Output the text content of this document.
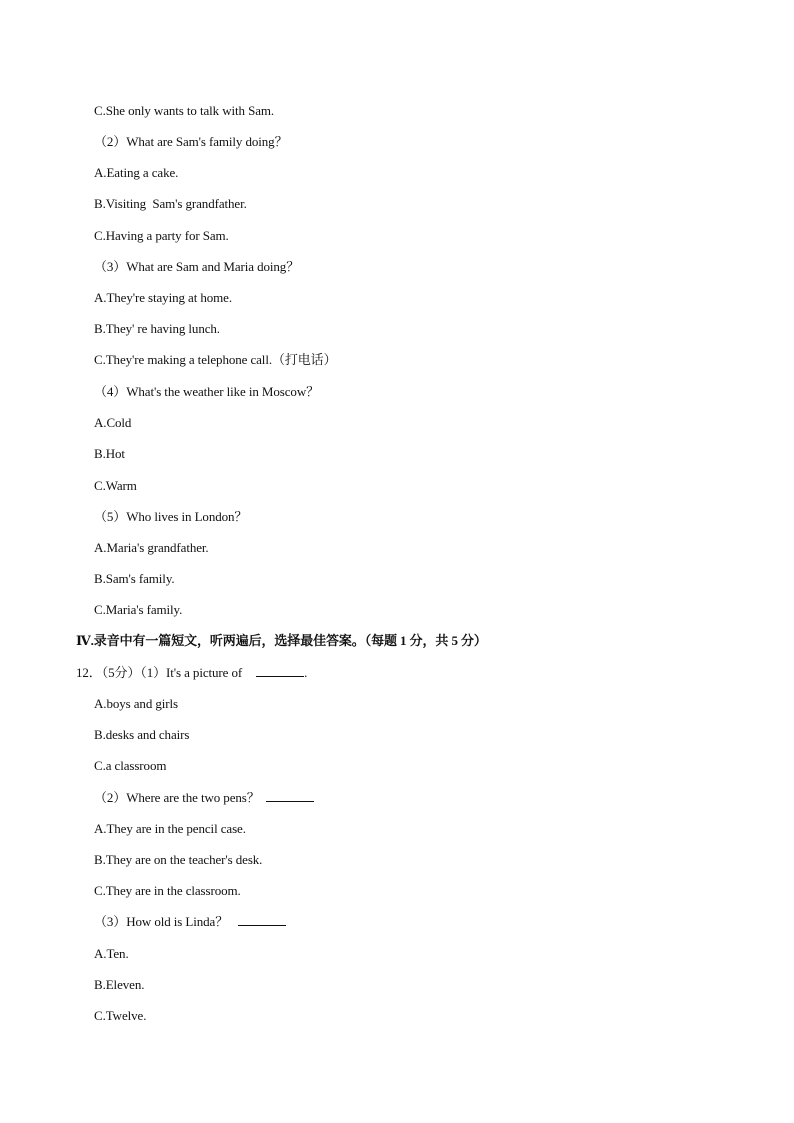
C.She only wants to talk with Sam.
（2）What are Sam's family doing？
A.Eating a cake.
B.Visiting  Sam's grandfather.
C.Having a party for Sam.
（3）What are Sam and Maria doing？
A.They're staying at home.
B.They' re having lunch.
C.They're making a telephone call.（打电话）
（4）What's the weather like in Moscow？
A.Cold
B.Hot
C.Warm
（5）Who lives in London？
A.Maria's grandfather.
B.Sam's family.
C.Maria's family.
Ⅳ.录音中有一篇短文，听两遍后，选择最佳答案。（每题 1 分，共 5 分）
12．（5分）（1）It's a picture of	.
A.boys and girls
B.desks and chairs
C.a classroom
（2）Where are the two pens？
A.They are in the pencil case.
B.They are on the teacher's desk.
C.They are in the classroom.
（3）How old is Linda？
A.Ten.
B.Eleven.
C.Twelve.
